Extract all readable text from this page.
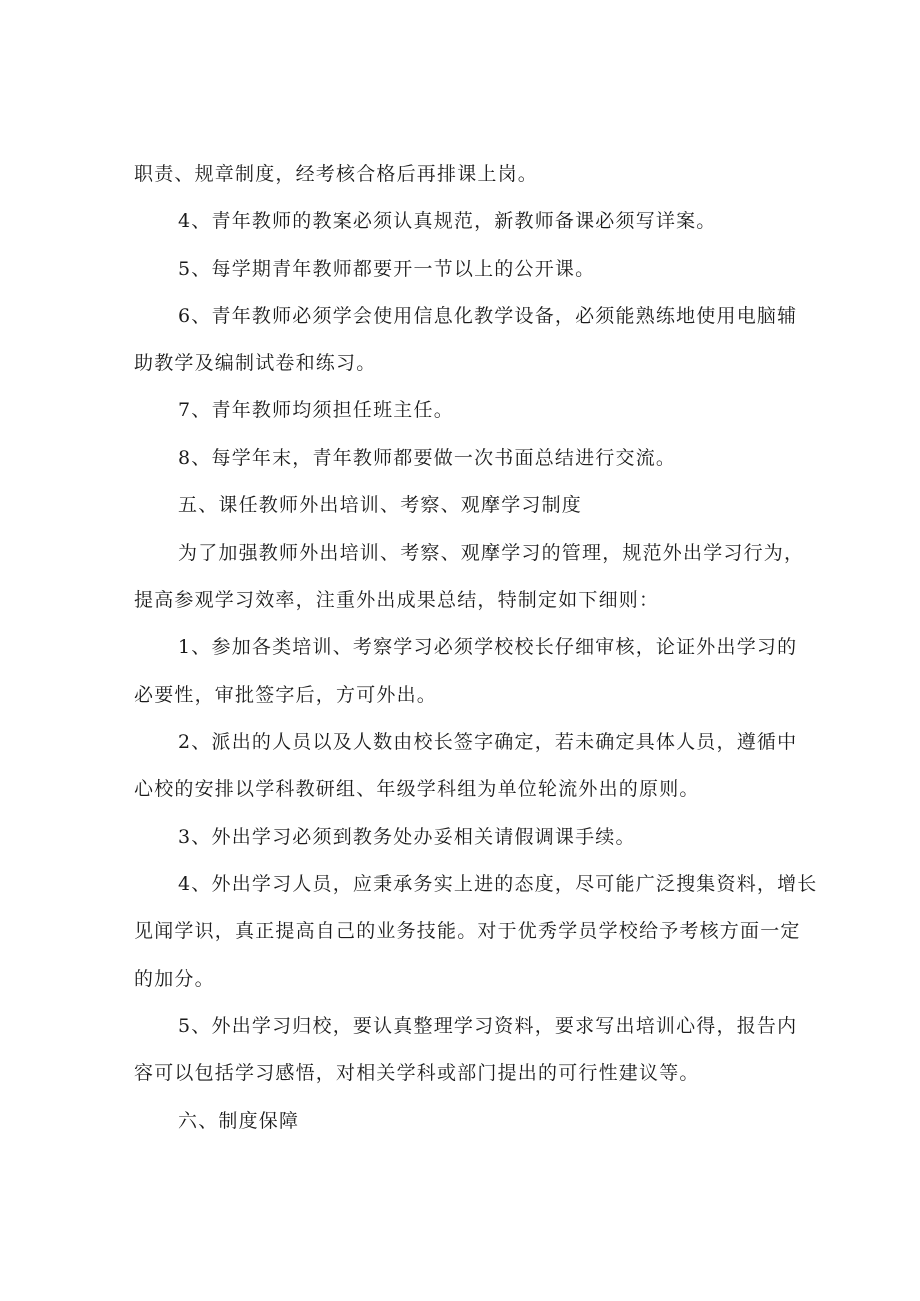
职责、规章制度，经考核合格后再排课上岗。
4、青年教师的教案必须认真规范，新教师备课必须写详案。
5、每学期青年教师都要开一节以上的公开课。
6、青年教师必须学会使用信息化教学设备，必须能熟练地使用电脑辅
助教学及编制试卷和练习。
7、青年教师均须担任班主任。
8、每学年末，青年教师都要做一次书面总结进行交流。
五、课任教师外出培训、考察、观摩学习制度
为了加强教师外出培训、考察、观摩学习的管理，规范外出学习行为，
提高参观学习效率，注重外出成果总结，特制定如下细则：
1、参加各类培训、考察学习必须学校校长仔细审核，论证外出学习的
必要性，审批签字后，方可外出。
2、派出的人员以及人数由校长签字确定，若未确定具体人员，遵循中
心校的安排以学科教研组、年级学科组为单位轮流外出的原则。
3、外出学习必须到教务处办妥相关请假调课手续。
4、外出学习人员，应秉承务实上进的态度，尽可能广泛搜集资料，增长
见闻学识，真正提高自己的业务技能。对于优秀学员学校给予考核方面一定
的加分。
5、外出学习归校，要认真整理学习资料，要求写出培训心得，报告内
容可以包括学习感悟，对相关学科或部门提出的可行性建议等。
六、制度保障
